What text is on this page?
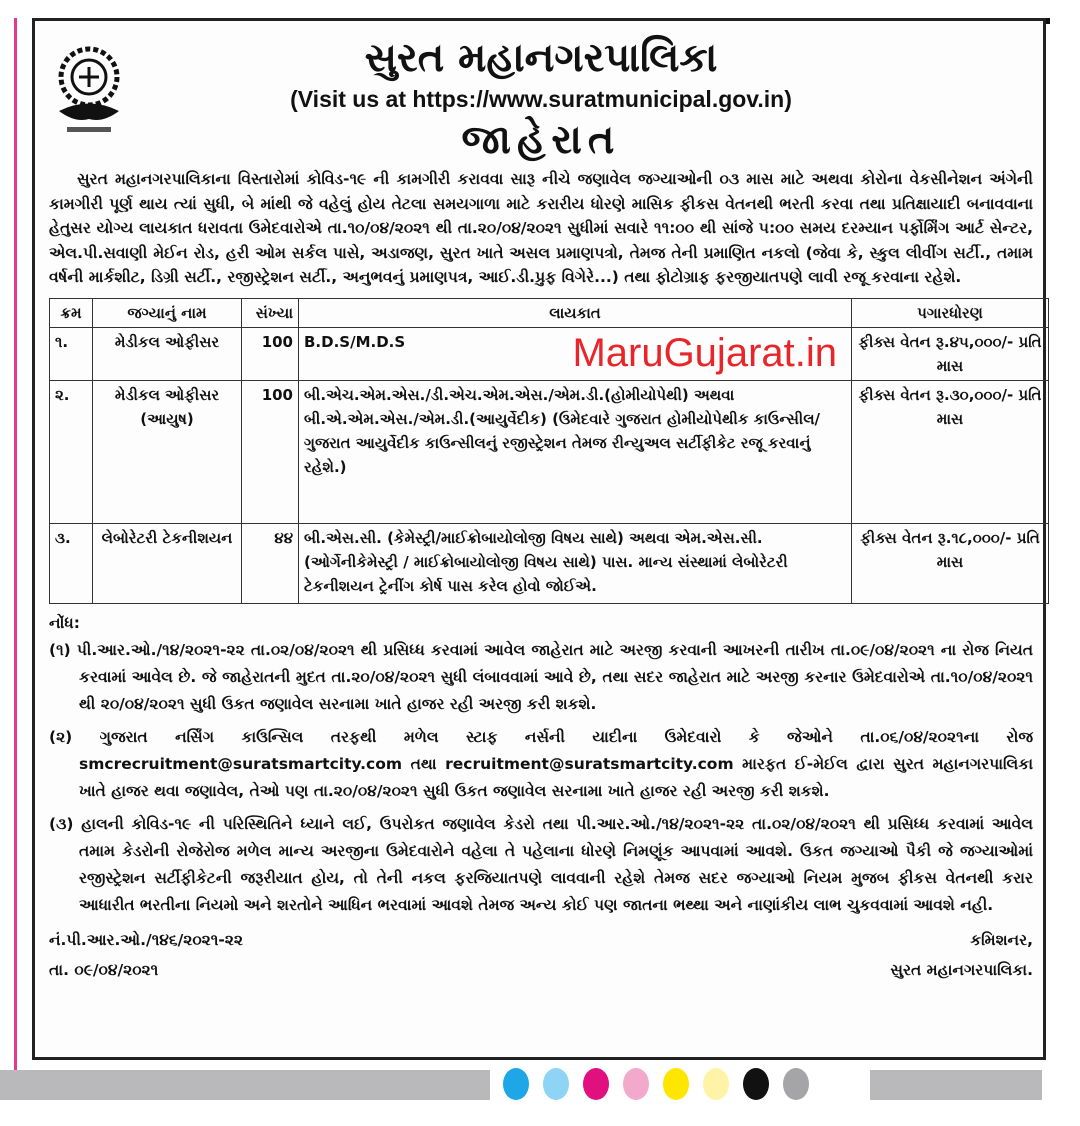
સુરત મહાનગરપાલિકા
(Visit us at https://www.suratmunicipal.gov.in)
જાહેરાત
સુરત મહાનગરપાલિકાના વિસ્તારોમાં કોવિડ-૧૯ ની કામગીરી કરાવવા સારૂ નીચે જણાવેલ જગ્યાઓની ૦૩ માસ માટે અથવા કોરોના વેકસીનેશન અંગેની કામગીરી પૂર્ણ થાય ત્યાં સુધી, બે માંથી જે વહેલું હોય તેટલા સમયગાળા માટે કરારીય ધોરણે માસિક ફીકસ વેતનથી ભરતી કરવા તથા પ્રતિક્ષાયાદી બનાવવાના હેતુસર યોગ્ય લાયકાત ધરાવતા ઉમેદવારોએ તા.૧૦/૦૪/૨૦૨૧ થી તા.૨૦/૦૪/૨૦૨૧ સુધીમાં સવારે ૧૧:૦૦ થી સાંજે ૫:૦૦ સમય દરમ્યાન પર્ફોર્મિંગ આર્ટ સેન્ટર, એલ.પી.સવાણી મેઈન રોડ, હરી ઓમ સર્કલ પાસે, અડાજણ, સુરત ખાતે અસલ પ્રમાણપત્રો, તેમજ તેની પ્રમાણિત નકલો (જેવા કે, સ્કુલ લીવીંગ સર્ટી., તમામ વર્ષની માર્કશીટ, ડિગ્રી સર્ટી., રજીસ્ટ્રેશન સર્ટી., અનુભવનું પ્રમાણપત્ર, આઈ.ડી.પ્રુફ વિગેરે...) તથા ફોટોગ્રાફ ફરજીયાતપણે લાવી રજૂ કરવાના રહેશે.
ક્રમ	જગ્યાનું નામ	સંખ્યા	લાયકાત	પગારધોરણ
૧.	મેડીકલ ઓફીસર	100	B.D.S/M.D.S MaruGujarat.in	ફીક્સ વેતન રૂ.૪૫,૦૦૦/- પ્રતિ માસ
૨.	મેડીકલ ઓફીસર (આયુષ)	100	બી.એચ.એમ.એસ./ડી.એચ.એમ.એસ./એમ.ડી.(હોમીયોપેથી) અથવા બી.એ.એમ.એસ./એમ.ડી.(આયુર્વેદીક) (ઉમેદવારે ગુજરાત હોમીયોપેથીક કાઉન્સીલ/ગુજરાત આયુર્વેદીક કાઉન્સીલનું રજીસ્ટ્રેશન તેમજ રીન્યુઅલ સર્ટીફીકેટ રજૂ કરવાનું રહેશે.)	ફીક્સ વેતન રૂ.૩૦,૦૦૦/- પ્રતિ માસ
૩.	લેબોરેટરી ટેકનીશયન	૪૪	બી.એસ.સી. (કેમેસ્ટ્રી/માઈક્રોબાયોલોજી વિષય સાથે) અથવા એમ.એસ.સી. (ઓર્ગેનીકેમેસ્ટ્રી / માઈક્રોબાયોલોજી વિષય સાથે) પાસ. માન્ય સંસ્થામાં લેબોરેટરી ટેકનીશયન ટ્રેનીંગ કોર્ષ પાસ કરેલ હોવો જોઈએ.	ફીક્સ વેતન રૂ.૧૮,૦૦૦/- પ્રતિ માસ
નોંધ:
(૧) પી.આર.ઓ./૧૪/૨૦૨૧-૨૨ તા.૦૨/૦૪/૨૦૨૧ થી પ્રસિધ્ધ કરવામાં આવેલ જાહેરાત માટે અરજી કરવાની આખરની તારીખ તા.૦૯/૦૪/૨૦૨૧ ના રોજ નિયત કરવામાં આવેલ છે. જે જાહેરાતની મુદત તા.૨૦/૦૪/૨૦૨૧ સુધી લંબાવવામાં આવે છે, તથા સદર જાહેરાત માટે અરજી કરનાર ઉમેદવારોએ તા.૧૦/૦૪/૨૦૨૧ થી ૨૦/૦૪/૨૦૨૧ સુધી ઉકત જણાવેલ સરનામા ખાતે હાજર રહી અરજી કરી શકશે.
(૨) ગુજરાત નર્સિંગ કાઉન્સિલ તરફથી મળેલ સ્ટાફ નર્સની યાદીના ઉમેદવારો કે જેઓને તા.૦૬/૦૪/૨૦૨૧ના રોજ smcrecruitment@suratsmartcity.com તથા recruitment@suratsmartcity.com મારફત ઈ-મેઈલ દ્વારા સુરત મહાનગરપાલિકા ખાતે હાજર થવા જણાવેલ, તેઓ પણ તા.૨૦/૦૪/૨૦૨૧ સુધી ઉકત જણાવેલ સરનામા ખાતે હાજર રહી અરજી કરી શકશે.
(૩) હાલની કોવિડ-૧૯ ની પરિસ્થિતિને ધ્યાને લઈ, ઉપરોકત જણાવેલ કેડરો તથા પી.આર.ઓ./૧૪/૨૦૨૧-૨૨ તા.૦૨/૦૪/૨૦૨૧ થી પ્રસિધ્ધ કરવામાં આવેલ તમામ કેડરોની રોજેરોજ મળેલ માન્ય અરજીના ઉમેદવારોને વહેલા તે પહેલાના ધોરણે નિમણૂંક આપવામાં આવશે. ઉકત જગ્યાઓ પૈકી જે જગ્યાઓમાં રજીસ્ટ્રેશન સર્ટીફીકેટની જરૂરીયાત હોય, તો તેની નકલ ફરજિયાતપણે લાવવાની રહેશે તેમજ સદર જગ્યાઓ નિયમ મુજબ ફીકસ વેતનથી કરાર આધારીત ભરતીના નિયમો અને શરતોને આધિન ભરવામાં આવશે તેમજ અન્ય કોઈ પણ જાતના ભથ્થા અને નાણાંકીય લાભ ચુકવવામાં આવશે નહી.
નં.પી.આર.ઓ./૧૪૬/૨૦૨૧-૨૨
તા. ૦૯/૦૪/૨૦૨૧
કમિશનર,
સુરત મહાનગરપાલિકા.
